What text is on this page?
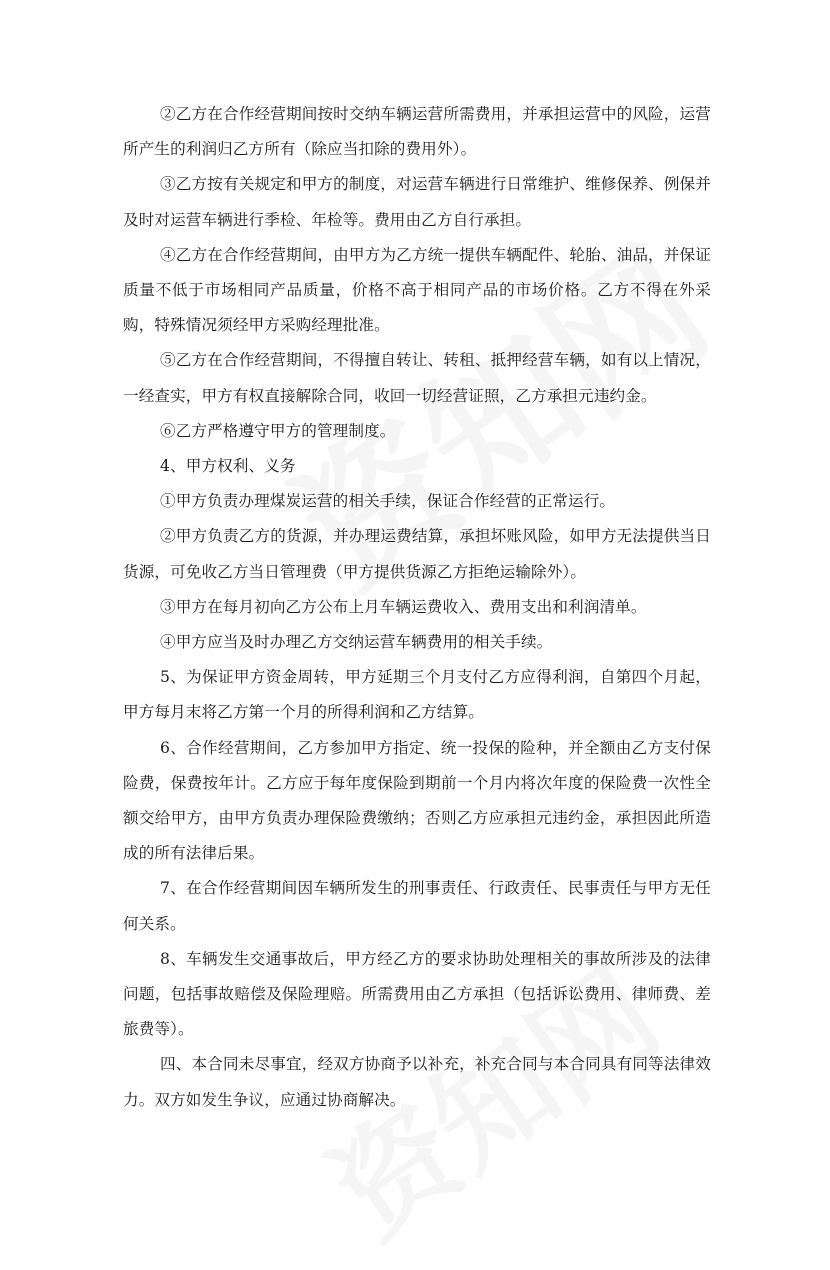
②乙方在合作经营期间按时交纳车辆运营所需费用，并承担运营中的风险，运营所产生的利润归乙方所有（除应当扣除的费用外）。

③乙方按有关规定和甲方的制度，对运营车辆进行日常维护、维修保养、例保并及时对运营车辆进行季检、年检等。费用由乙方自行承担。

④乙方在合作经营期间，由甲方为乙方统一提供车辆配件、轮胎、油品，并保证质量不低于市场相同产品质量，价格不高于相同产品的市场价格。乙方不得在外采购，特殊情况须经甲方采购经理批准。

⑤乙方在合作经营期间，不得擅自转让、转租、抵押经营车辆，如有以上情况，一经查实，甲方有权直接解除合同，收回一切经营证照，乙方承担元违约金。

⑥乙方严格遵守甲方的管理制度。

4、甲方权利、义务

①甲方负责办理煤炭运营的相关手续，保证合作经营的正常运行。

②甲方负责乙方的货源，并办理运费结算，承担坏账风险，如甲方无法提供当日货源，可免收乙方当日管理费（甲方提供货源乙方拒绝运输除外）。

③甲方在每月初向乙方公布上月车辆运费收入、费用支出和利润清单。

④甲方应当及时办理乙方交纳运营车辆费用的相关手续。

5、为保证甲方资金周转，甲方延期三个月支付乙方应得利润，自第四个月起，甲方每月末将乙方第一个月的所得利润和乙方结算。

6、合作经营期间，乙方参加甲方指定、统一投保的险种，并全额由乙方支付保险费，保费按年计。乙方应于每年度保险到期前一个月内将次年度的保险费一次性全额交给甲方，由甲方负责办理保险费缴纳；否则乙方应承担元违约金，承担因此所造成的所有法律后果。

7、在合作经营期间因车辆所发生的刑事责任、行政责任、民事责任与甲方无任何关系。

8、车辆发生交通事故后，甲方经乙方的要求协助处理相关的事故所涉及的法律问题，包括事故赔偿及保险理赔。所需费用由乙方承担（包括诉讼费用、律师费、差旅费等）。

四、本合同未尽事宜，经双方协商予以补充，补充合同与本合同具有同等法律效力。双方如发生争议，应通过协商解决。
